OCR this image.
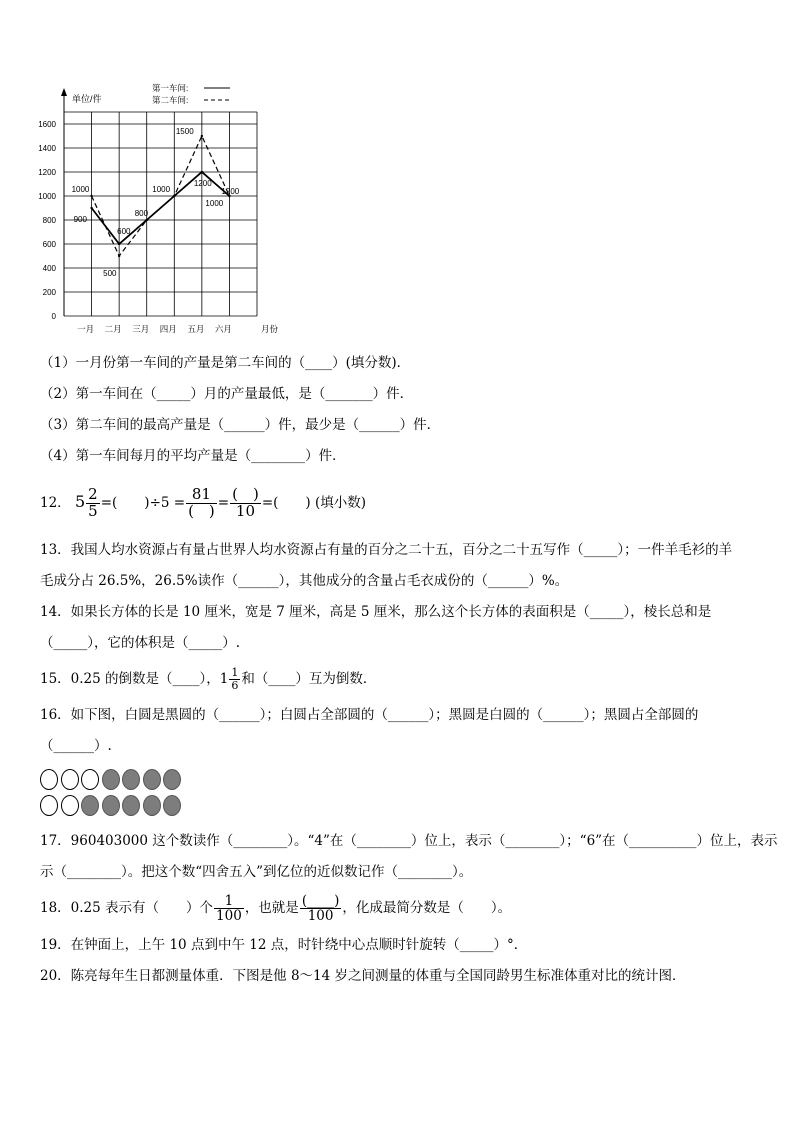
0
200
400
600
800
1000
1200
1400
1600
单位/件
月份
一月 二月 三月 四月 五月 六月
第一车间:
第二车间:
1000
900
600
500
800
1000
1500
1200
1200
1000
（1）一月份第一车间的产量是第二车间的（____）(填分数)．
（2）第一车间在（_____）月的产量最低，是（_______）件．
（3）第二车间的最高产量是（______）件，最少是（______）件．
（4）第一车间每月的平均产量是（________）件．
12． $5 \frac{2}{5}$ =(　　)$\div 5 = \frac{81}{( )} = \frac{( )}{10}$ =(　　) (填小数)
13．我国人均水资源占有量占世界人均水资源占有量的百分之二十五，百分之二十五写作（_____）；一件羊毛衫的羊
毛成分占 26.5%，26.5%读作（______），其他成分的含量占毛衣成份的（______）%。
14．如果长方体的长是 10 厘米，宽是 7 厘米，高是 5 厘米，那么这个长方体的表面积是（_____），棱长总和是
（_____），它的体积是（_____）.
15．0.25 的倒数是（____），$1 \frac{1}{6}$ 和（____）互为倒数．
16．如下图，白圆是黑圆的（______）；白圆占全部圆的（______）；黑圆是白圆的（______）；黑圆占全部圆的
（______）.
17．960403000 这个数读作（________）。“4”在（________）位上，表示（________）；“6”在（__________）位上，表示
示（________）。把这个数“四舍五入”到亿位的近似数记作（________）。
18．0.25 表示有（　　）个 $\frac{1}{100}$ ，也就是 $\frac{(\_\_\_\_)}{100}$ ，化成最简分数是（　　）。
19．在钟面上，上午 10 点到中午 12 点，时针绕中心点顺时针旋转（_____）°．
20．陈亮每年生日都测量体重．下图是他 8～14 岁之间测量的体重与全国同龄男生标准体重对比的统计图．
